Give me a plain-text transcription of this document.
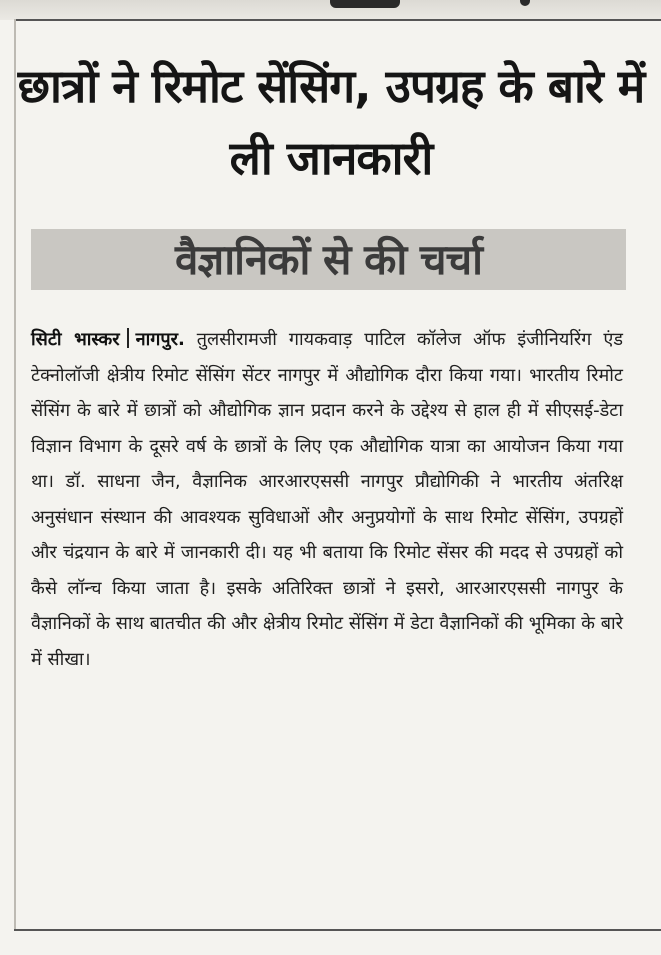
छात्रों ने रिमोट सेंसिंग, उपग्रह के बारे में ली जानकारी
वैज्ञानिकों से की चर्चा

सिटी भास्कर नागपुर. तुलसीरामजी गायकवाड़ पाटिल कॉलेज ऑफ इंजीनियरिंग एंड टेक्नोलॉजी क्षेत्रीय रिमोट सेंसिंग सेंटर नागपुर में औद्योगिक दौरा किया गया। भारतीय रिमोट सेंसिंग के बारे में छात्रों को औद्योगिक ज्ञान प्रदान करने के उद्देश्य से हाल ही में सीएसई-डेटा विज्ञान विभाग के दूसरे वर्ष के छात्रों के लिए एक औद्योगिक यात्रा का आयोजन किया गया था। डॉ. साधना जैन, वैज्ञानिक आरआरएससी नागपुर प्रौद्योगिकी ने भारतीय अंतरिक्ष अनुसंधान संस्थान की आवश्यक सुविधाओं और अनुप्रयोगों के साथ रिमोट सेंसिंग, उपग्रहों और चंद्रयान के बारे में जानकारी दी। यह भी बताया कि रिमोट सेंसर की मदद से उपग्रहों को कैसे लॉन्च किया जाता है। इसके अतिरिक्त छात्रों ने इसरो, आरआरएससी नागपुर के वैज्ञानिकों के साथ बातचीत की और क्षेत्रीय रिमोट सेंसिंग में डेटा वैज्ञानिकों की भूमिका के बारे में सीखा।
